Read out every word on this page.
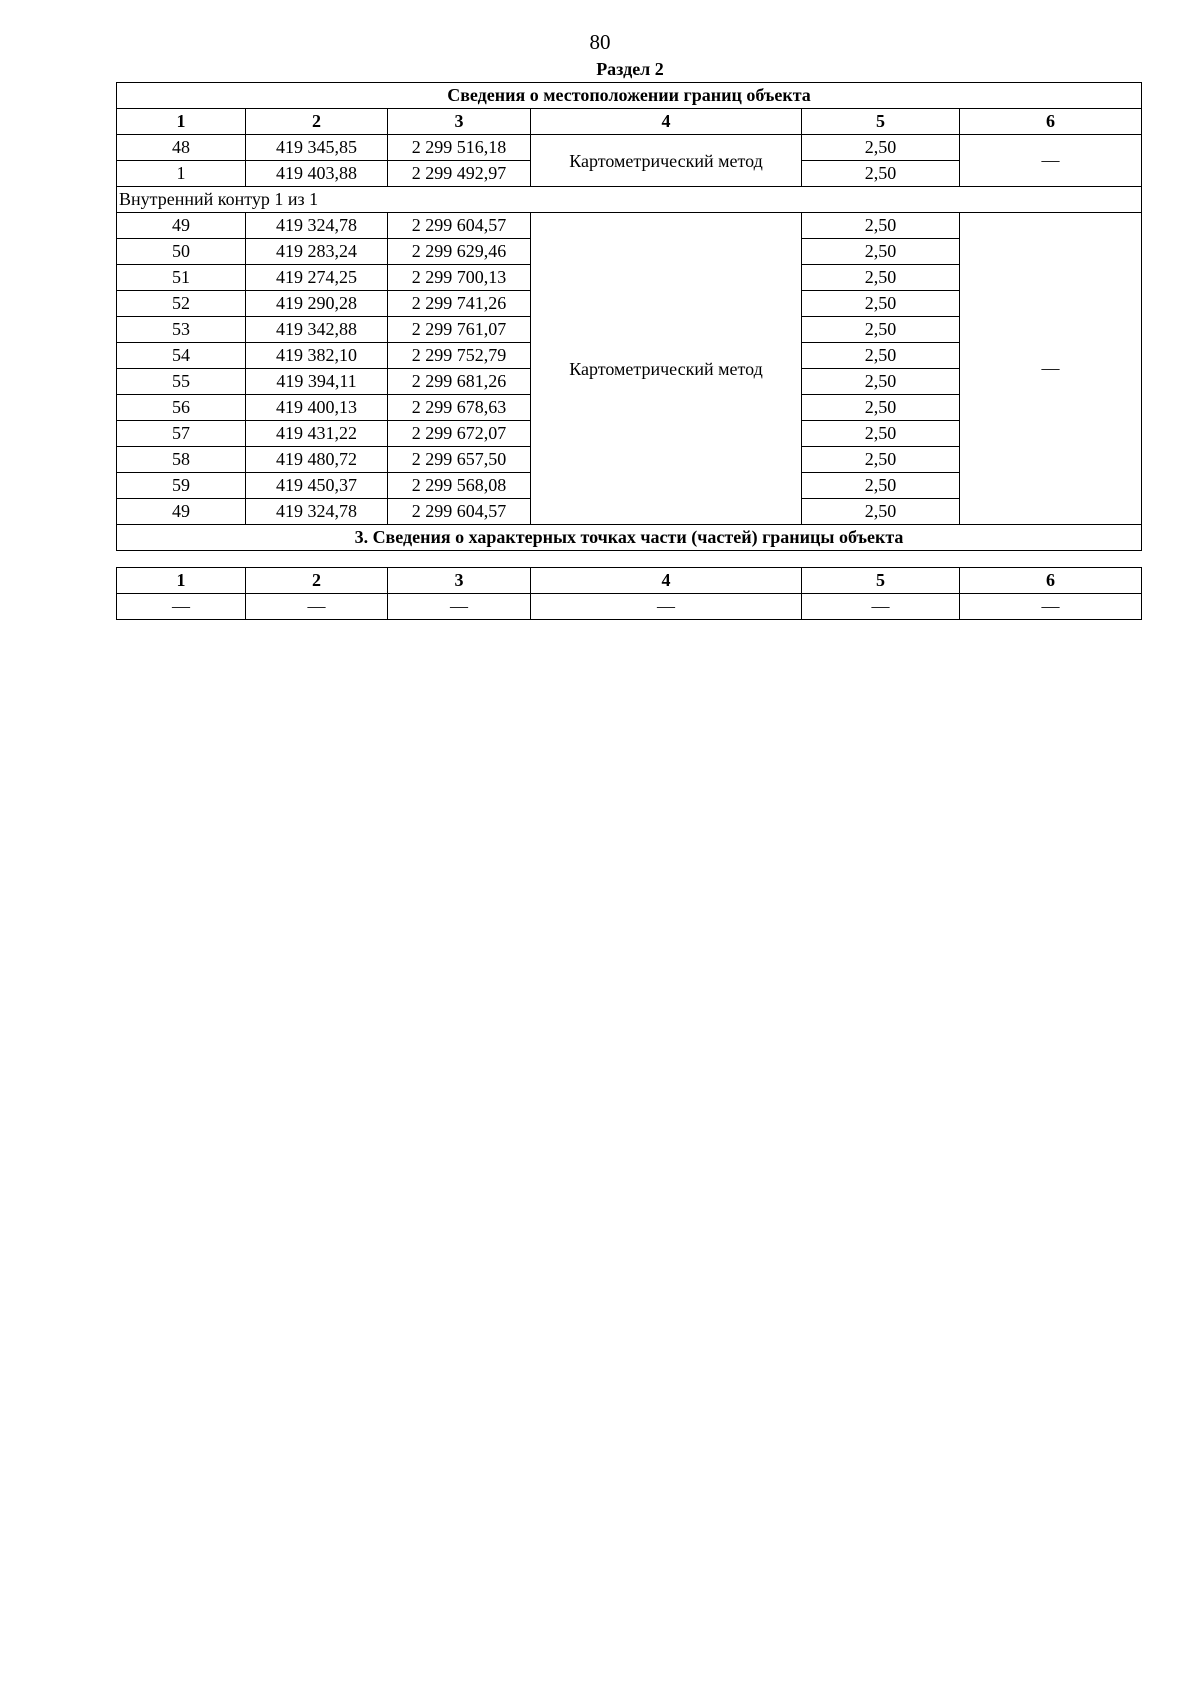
80
Раздел 2
Сведения о местоположении границ объекта					
1	2	3	4	5	6
48	419 345,85	2 299 516,18	Картометрический метод	2,50	—
1	419 403,88	2 299 492,97		2,50	
Внутренний контур 1 из 1					
49	419 324,78	2 299 604,57	Картометрический метод	2,50	—
50	419 283,24	2 299 629,46		2,50	
51	419 274,25	2 299 700,13		2,50	
52	419 290,28	2 299 741,26		2,50	
53	419 342,88	2 299 761,07		2,50	
54	419 382,10	2 299 752,79		2,50	
55	419 394,11	2 299 681,26		2,50	
56	419 400,13	2 299 678,63		2,50	
57	419 431,22	2 299 672,07		2,50	
58	419 480,72	2 299 657,50		2,50	
59	419 450,37	2 299 568,08		2,50	
49	419 324,78	2 299 604,57		2,50	
3. Сведения о характерных точках части (частей) границы объекта					
1	2	3	4	5	6
—	—	—	—	—	—
